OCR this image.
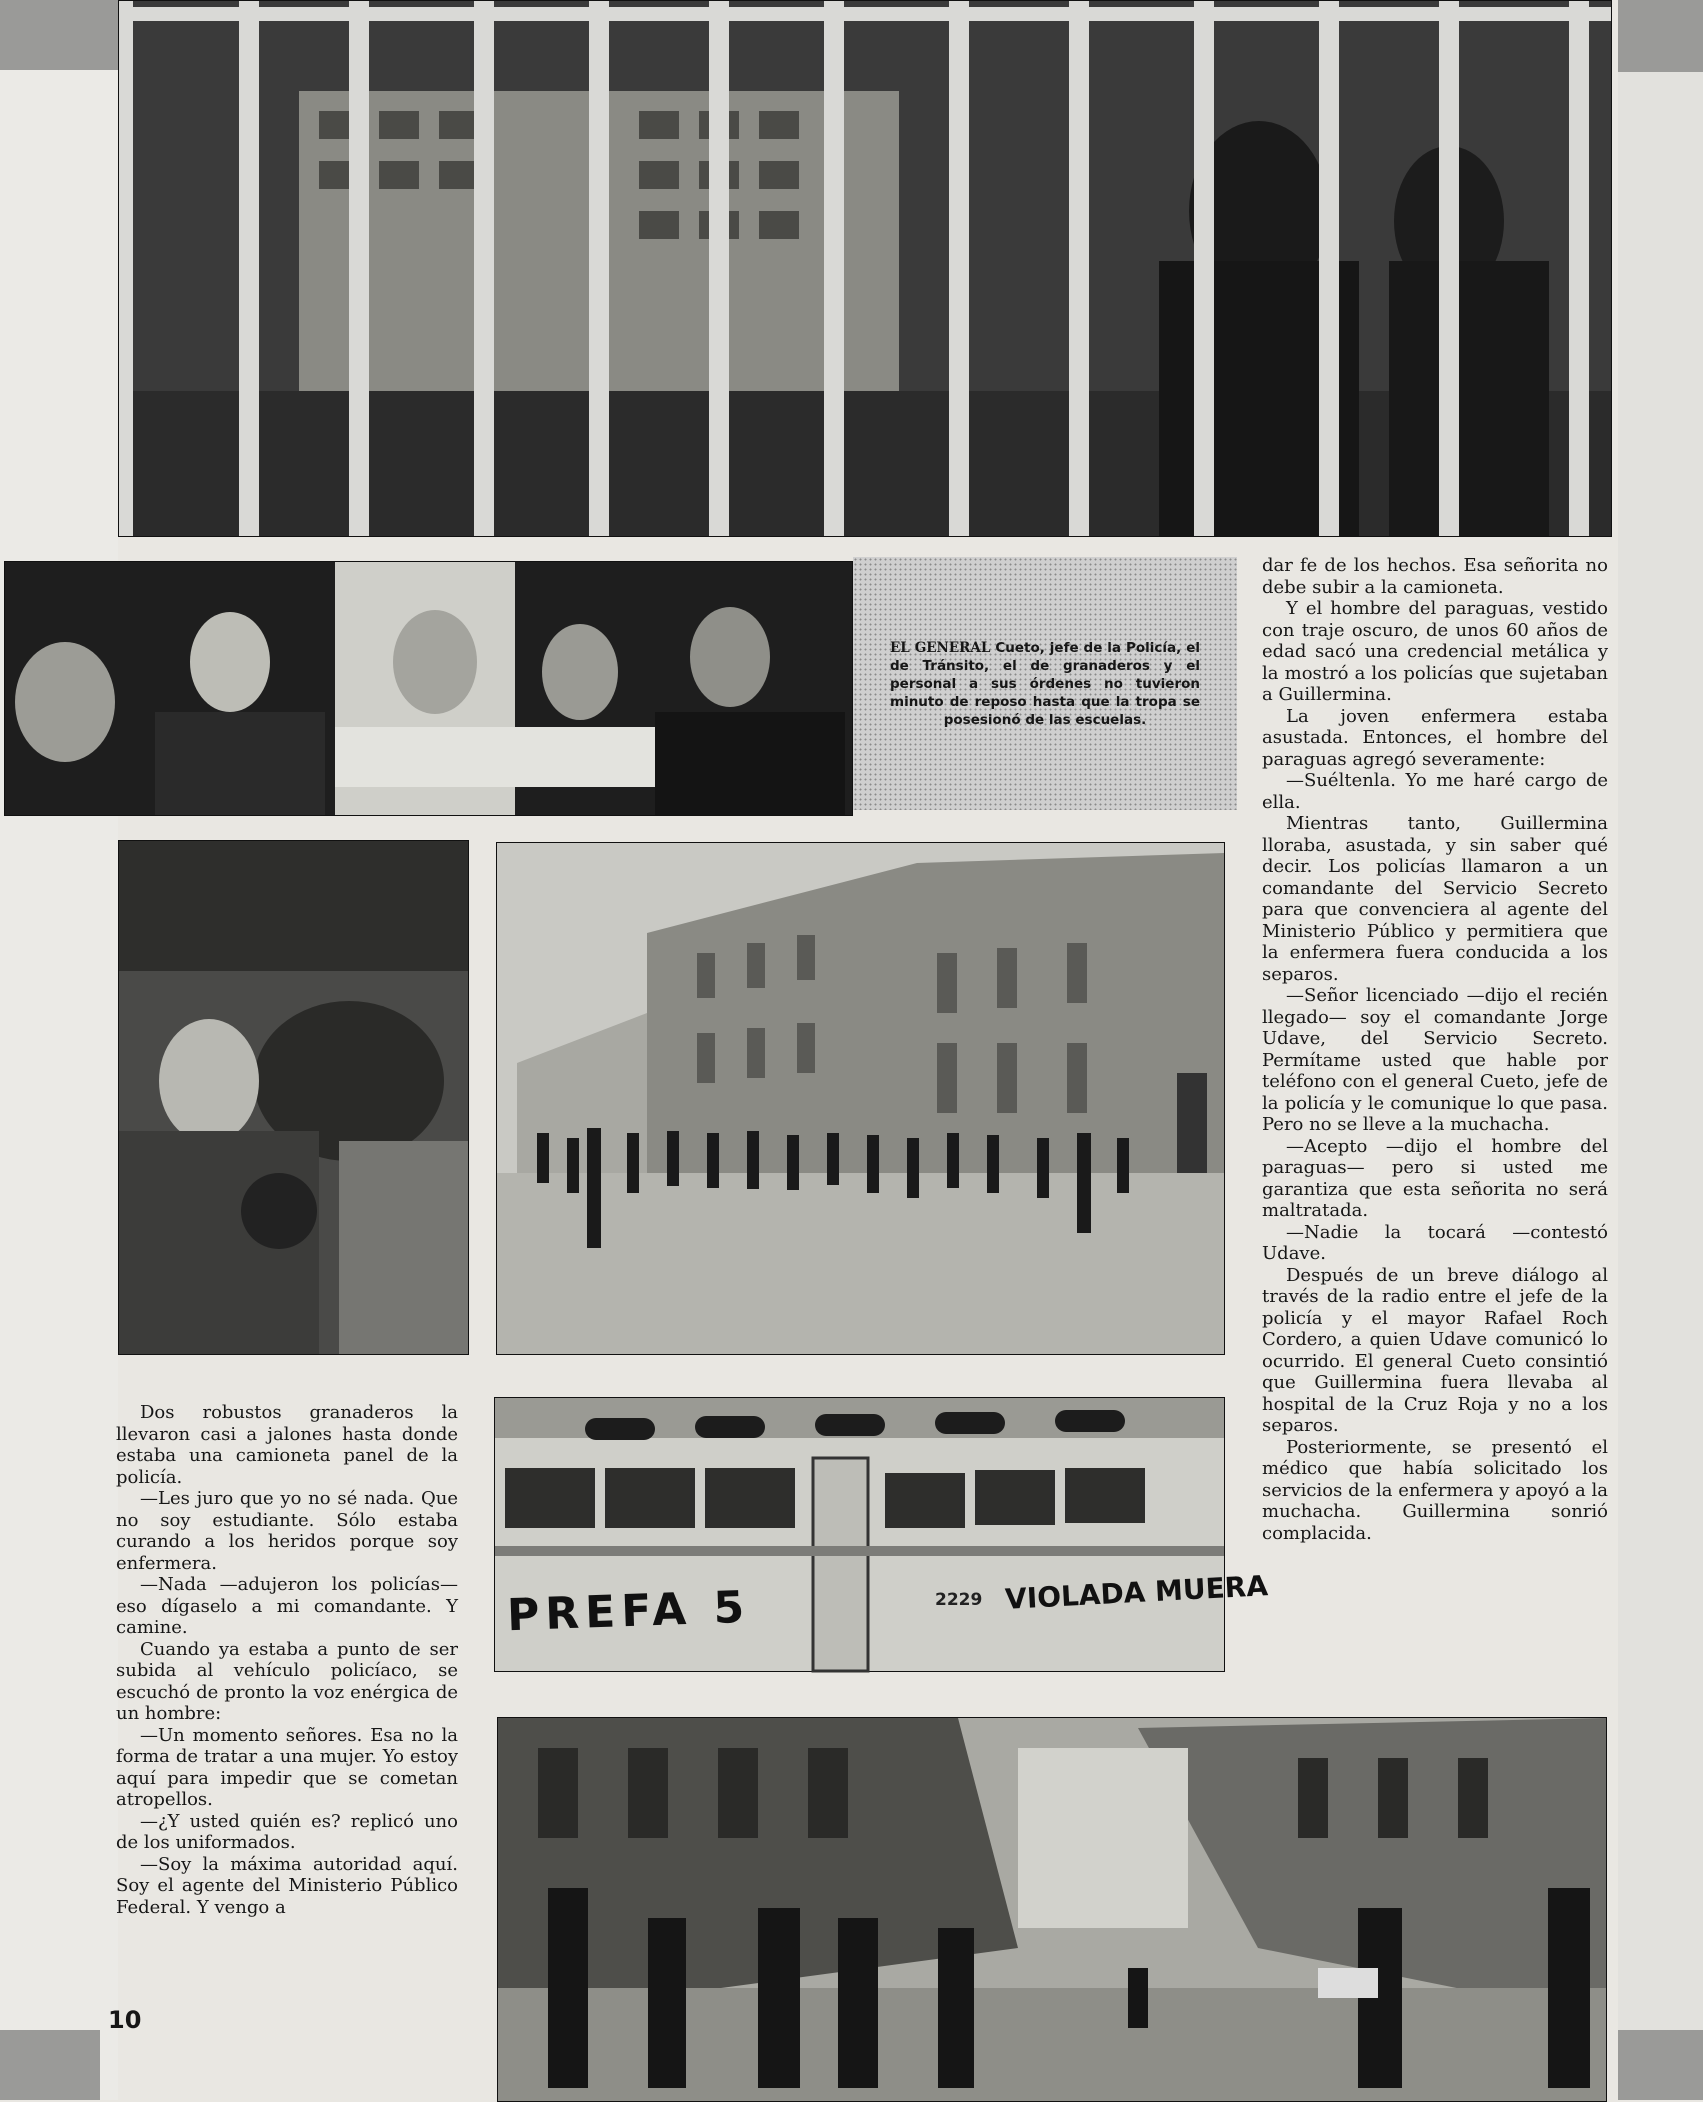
EL GENERAL Cueto, jefe de la Policía, el de Tránsito, el de granaderos y el personal a sus órdenes no tuvieron minuto de reposo hasta que la tropa se posesionó de las escuelas.
PREFA 5	2229 VIOLADA MUERA

Dos robustos granaderos la llevaron casi a jalones hasta donde estaba una camioneta panel de la policía.

—Les juro que yo no sé nada. Que no soy estudiante. Sólo estaba curando a los heridos porque soy enfermera.

—Nada —adujeron los policías— eso dígaselo a mi comandante. Y camine.

Cuando ya estaba a punto de ser subida al vehículo policíaco, se escuchó de pronto la voz enérgica de un hombre:

—Un momento señores. Esa no la forma de tratar a una mujer. Yo estoy aquí para impedir que se cometan atropellos.

—¿Y usted quién es? replicó uno de los uniformados.

—Soy la máxima autoridad aquí. Soy el agente del Ministerio Público Federal. Y vengo a

dar fe de los hechos. Esa señorita no debe subir a la camioneta.

Y el hombre del paraguas, vestido con traje oscuro, de unos 60 años de edad sacó una credencial metálica y la mostró a los policías que sujetaban a Guillermina.

La joven enfermera estaba asustada. Entonces, el hombre del paraguas agregó severamente:

—Suéltenla. Yo me haré cargo de ella.

Mientras tanto, Guillermina lloraba, asustada, y sin saber qué decir. Los policías llamaron a un comandante del Servicio Secreto para que convenciera al agente del Ministerio Público y permitiera que la enfermera fuera conducida a los separos.

—Señor licenciado —dijo el recién llegado— soy el comandante Jorge Udave, del Servicio Secreto. Permítame usted que hable por teléfono con el general Cueto, jefe de la policía y le comunique lo que pasa. Pero no se lleve a la muchacha.

—Acepto —dijo el hombre del paraguas— pero si usted me garantiza que esta señorita no será maltratada.

—Nadie la tocará —contestó Udave.

Después de un breve diálogo al través de la radio entre el jefe de la policía y el mayor Rafael Roch Cordero, a quien Udave comunicó lo ocurrido. El general Cueto consintió que Guillermina fuera llevaba al hospital de la Cruz Roja y no a los separos.

Posteriormente, se presentó el médico que había solicitado los servicios de la enfermera y apoyó a la muchacha. Guillermina sonrió complacida.

10
